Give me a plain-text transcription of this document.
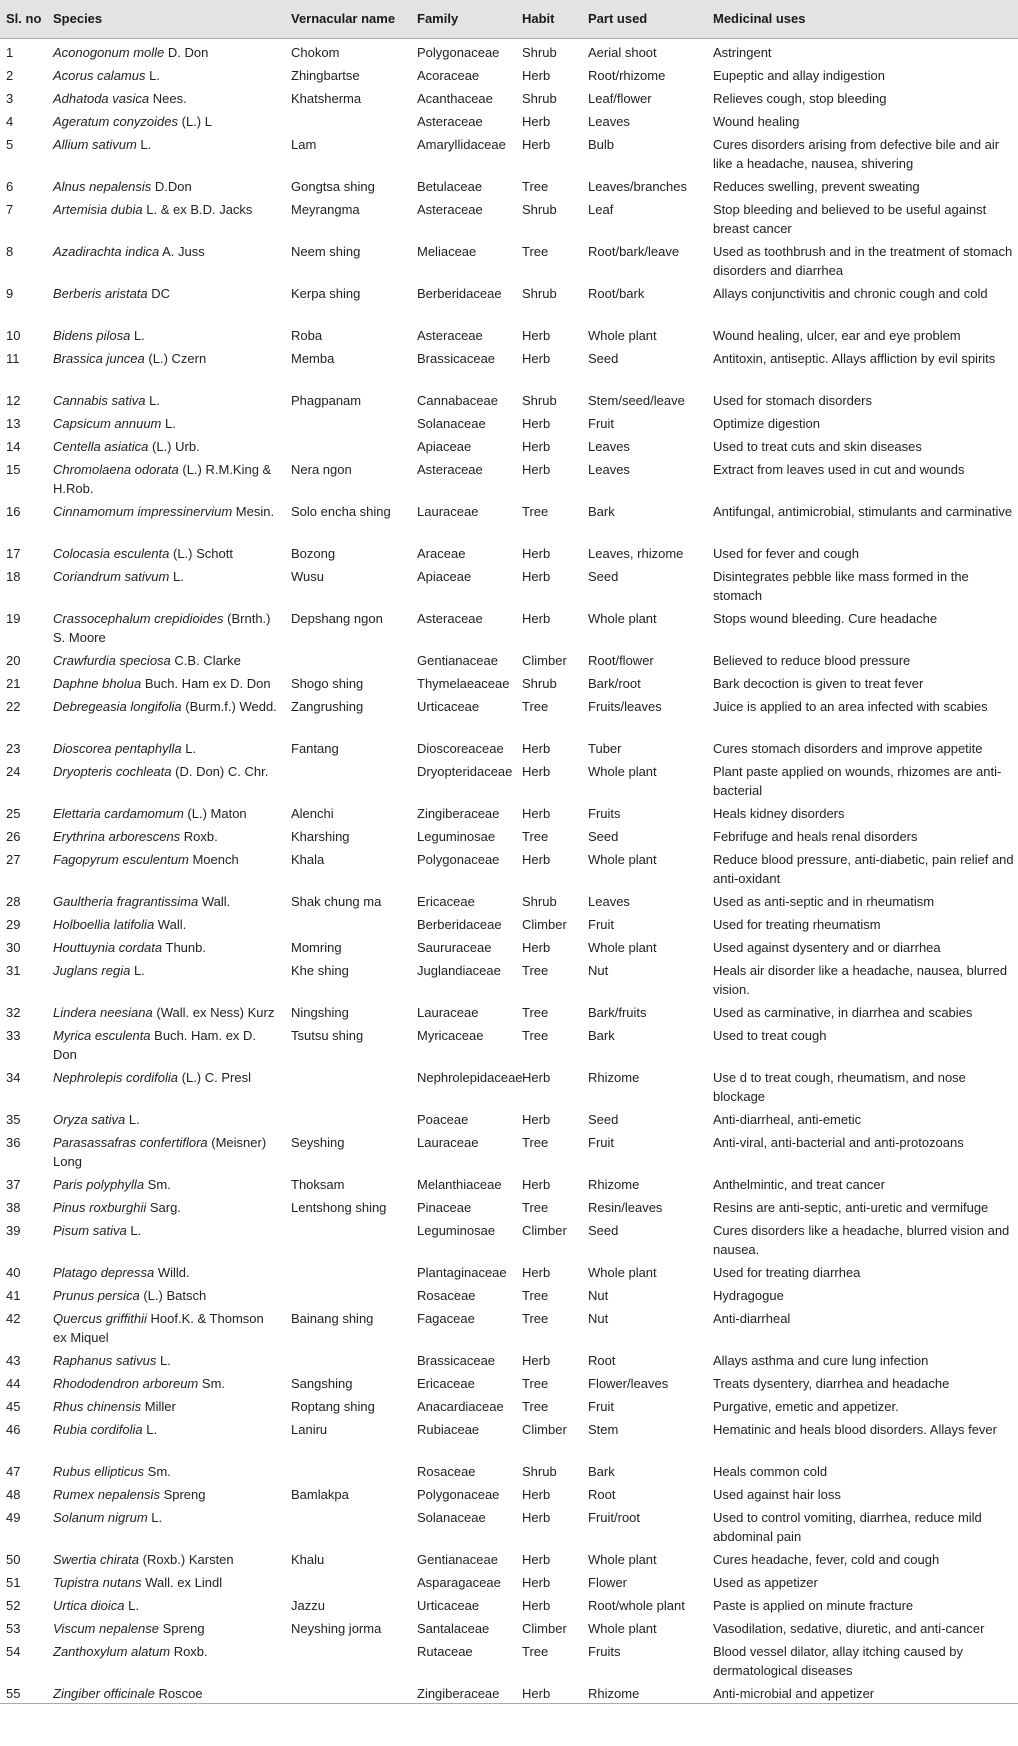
Sl. no	Species	Vernacular name	Family	Habit	Part used	Medicinal uses
1	Aconogonum molle D. Don	Chokom	Polygonaceae	Shrub	Aerial shoot	Astringent
2	Acorus calamus L.	Zhingbartse	Acoraceae	Herb	Root/rhizome	Eupeptic and allay indigestion
3	Adhatoda vasica Nees.	Khatsherma	Acanthaceae	Shrub	Leaf/flower	Relieves cough, stop bleeding
4	Ageratum conyzoides (L.) L		Asteraceae	Herb	Leaves	Wound healing
5	Allium sativum L.	Lam	Amaryllidaceae	Herb	Bulb	Cures disorders arising from defective bile and air like a headache, nausea, shivering
6	Alnus nepalensis D.Don	Gongtsa shing	Betulaceae	Tree	Leaves/branches	Reduces swelling, prevent sweating
7	Artemisia dubia L. & ex B.D. Jacks	Meyrangma	Asteraceae	Shrub	Leaf	Stop bleeding and believed to be useful against breast cancer
8	Azadirachta indica A. Juss	Neem shing	Meliaceae	Tree	Root/bark/leave	Used as toothbrush and in the treatment of stomach disorders and diarrhea
9	Berberis aristata DC	Kerpa shing	Berberidaceae	Shrub	Root/bark	Allays conjunctivitis and chronic cough and cold
10	Bidens pilosa L.	Roba	Asteraceae	Herb	Whole plant	Wound healing, ulcer, ear and eye problem
11	Brassica juncea (L.) Czern	Memba	Brassicaceae	Herb	Seed	Antitoxin, antiseptic. Allays affliction by evil spirits
12	Cannabis sativa L.	Phagpanam	Cannabaceae	Shrub	Stem/seed/leave	Used for stomach disorders
13	Capsicum annuum L.		Solanaceae	Herb	Fruit	Optimize digestion
14	Centella asiatica (L.) Urb.		Apiaceae	Herb	Leaves	Used to treat cuts and skin diseases
15	Chromolaena odorata (L.) R.M.King & H.Rob.	Nera ngon	Asteraceae	Herb	Leaves	Extract from leaves used in cut and wounds
16	Cinnamomum impressinervium Mesin.	Solo encha shing	Lauraceae	Tree	Bark	Antifungal, antimicrobial, stimulants and carminative
17	Colocasia esculenta (L.) Schott	Bozong	Araceae	Herb	Leaves, rhizome	Used for fever and cough
18	Coriandrum sativum L.	Wusu	Apiaceae	Herb	Seed	Disintegrates pebble like mass formed in the stomach
19	Crassocephalum crepidioides (Brnth.) S. Moore	Depshang ngon	Asteraceae	Herb	Whole plant	Stops wound bleeding. Cure headache
20	Crawfurdia speciosa C.B. Clarke		Gentianaceae	Climber	Root/flower	Believed to reduce blood pressure
21	Daphne bholua Buch. Ham ex D. Don	Shogo shing	Thymelaeaceae	Shrub	Bark/root	Bark decoction is given to treat fever
22	Debregeasia longifolia (Burm.f.) Wedd.	Zangrushing	Urticaceae	Tree	Fruits/leaves	Juice is applied to an area infected with scabies
23	Dioscorea pentaphylla L.	Fantang	Dioscoreaceae	Herb	Tuber	Cures stomach disorders and improve appetite
24	Dryopteris cochleata (D. Don) C. Chr.		Dryopteridaceae	Herb	Whole plant	Plant paste applied on wounds, rhizomes are anti-bacterial
25	Elettaria cardamomum (L.) Maton	Alenchi	Zingiberaceae	Herb	Fruits	Heals kidney disorders
26	Erythrina arborescens Roxb.	Kharshing	Leguminosae	Tree	Seed	Febrifuge and heals renal disorders
27	Fagopyrum esculentum Moench	Khala	Polygonaceae	Herb	Whole plant	Reduce blood pressure, anti-diabetic, pain relief and anti-oxidant
28	Gaultheria fragrantissima Wall.	Shak chung ma	Ericaceae	Shrub	Leaves	Used as anti-septic and in rheumatism
29	Holboellia latifolia Wall.		Berberidaceae	Climber	Fruit	Used for treating rheumatism
30	Houttuynia cordata Thunb.	Momring	Saururaceae	Herb	Whole plant	Used against dysentery and or diarrhea
31	Juglans regia L.	Khe shing	Juglandiaceae	Tree	Nut	Heals air disorder like a headache, nausea, blurred vision.
32	Lindera neesiana (Wall. ex Ness) Kurz	Ningshing	Lauraceae	Tree	Bark/fruits	Used as carminative, in diarrhea and scabies
33	Myrica esculenta Buch. Ham. ex D. Don	Tsutsu shing	Myricaceae	Tree	Bark	Used to treat cough
34	Nephrolepis cordifolia (L.) C. Presl		Nephrolepidaceae	Herb	Rhizome	Use d to treat cough, rheumatism, and nose blockage
35	Oryza sativa L.		Poaceae	Herb	Seed	Anti-diarrheal, anti-emetic
36	Parasassafras confertiflora (Meisner) Long	Seyshing	Lauraceae	Tree	Fruit	Anti-viral, anti-bacterial and anti-protozoans
37	Paris polyphylla Sm.	Thoksam	Melanthiaceae	Herb	Rhizome	Anthelmintic, and treat cancer
38	Pinus roxburghii Sarg.	Lentshong shing	Pinaceae	Tree	Resin/leaves	Resins are anti-septic, anti-uretic and vermifuge
39	Pisum sativa L.		Leguminosae	Climber	Seed	Cures disorders like a headache, blurred vision and nausea.
40	Platago depressa Willd.		Plantaginaceae	Herb	Whole plant	Used for treating diarrhea
41	Prunus persica (L.) Batsch		Rosaceae	Tree	Nut	Hydragogue
42	Quercus griffithii Hoof.K. & Thomson ex Miquel	Bainang shing	Fagaceae	Tree	Nut	Anti-diarrheal
43	Raphanus sativus L.		Brassicaceae	Herb	Root	Allays asthma and cure lung infection
44	Rhododendron arboreum Sm.	Sangshing	Ericaceae	Tree	Flower/leaves	Treats dysentery, diarrhea and headache
45	Rhus chinensis Miller	Roptang shing	Anacardiaceae	Tree	Fruit	Purgative, emetic and appetizer.
46	Rubia cordifolia L.	Laniru	Rubiaceae	Climber	Stem	Hematinic and heals blood disorders. Allays fever
47	Rubus ellipticus Sm.		Rosaceae	Shrub	Bark	Heals common cold
48	Rumex nepalensis Spreng	Bamlakpa	Polygonaceae	Herb	Root	Used against hair loss
49	Solanum nigrum L.		Solanaceae	Herb	Fruit/root	Used to control vomiting, diarrhea, reduce mild abdominal pain
50	Swertia chirata (Roxb.) Karsten	Khalu	Gentianaceae	Herb	Whole plant	Cures headache, fever, cold and cough
51	Tupistra nutans Wall. ex Lindl		Asparagaceae	Herb	Flower	Used as appetizer
52	Urtica dioica L.	Jazzu	Urticaceae	Herb	Root/whole plant	Paste is applied on minute fracture
53	Viscum nepalense Spreng	Neyshing jorma	Santalaceae	Climber	Whole plant	Vasodilation, sedative, diuretic, and anti-cancer
54	Zanthoxylum alatum Roxb.		Rutaceae	Tree	Fruits	Blood vessel dilator, allay itching caused by dermatological diseases
55	Zingiber officinale Roscoe		Zingiberaceae	Herb	Rhizome	Anti-microbial and appetizer
